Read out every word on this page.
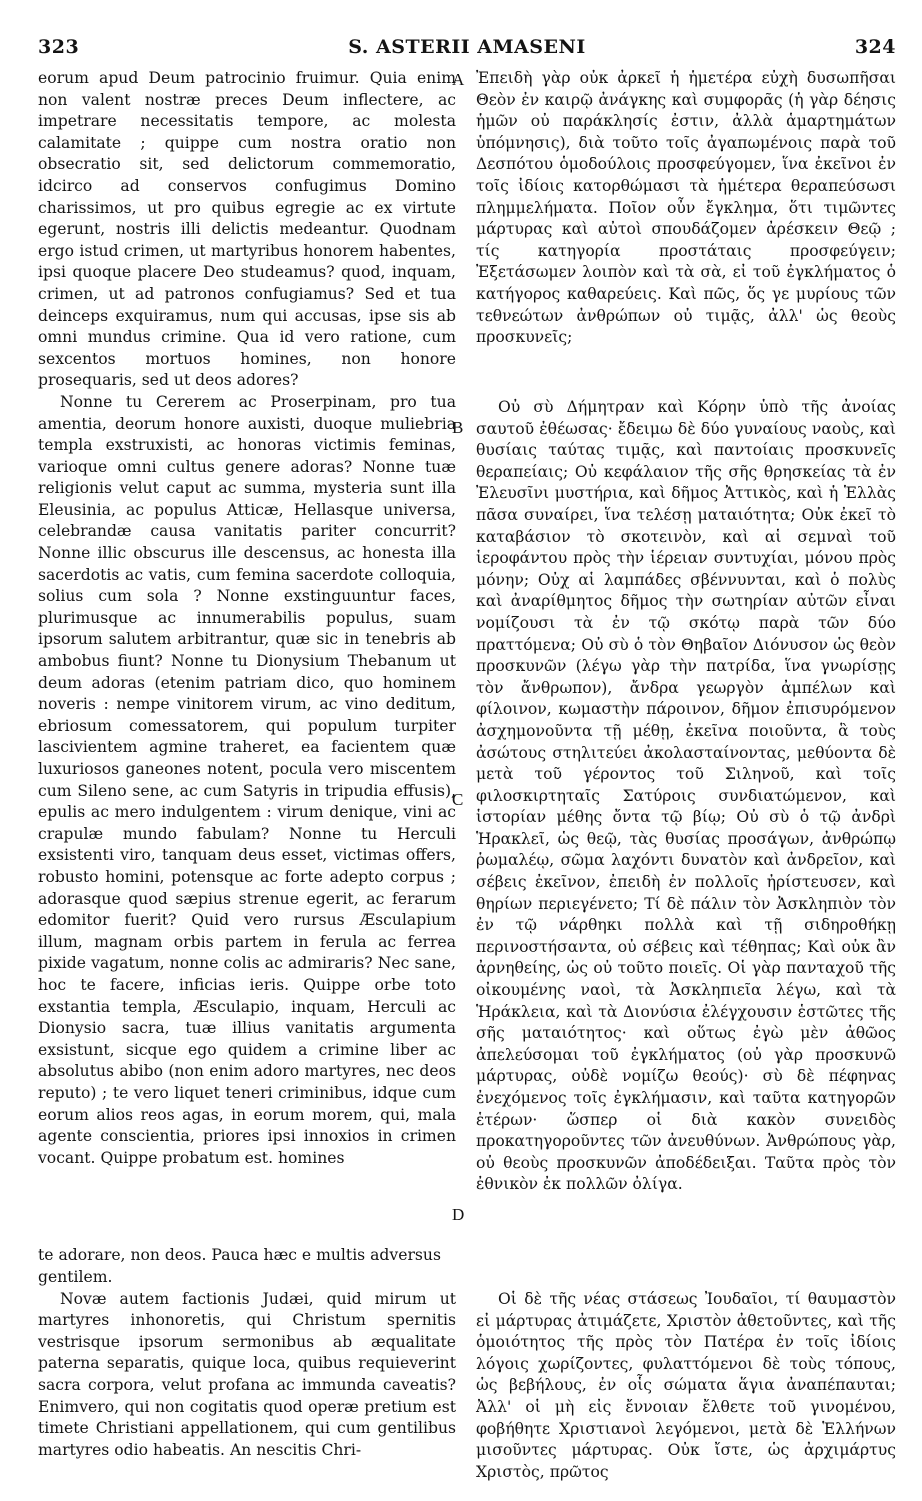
323	S. ASTERII AMASENI	324
A
B
C
D

eorum apud Deum patrocinio fruimur. Quia enim non valent nostræ preces Deum inflectere, ac impetrare necessitatis tempore, ac molesta calamitate ; quippe cum nostra oratio non obsecratio sit, sed delictorum commemoratio, idcirco ad conservos confugimus Domino charissimos, ut pro quibus egregie ac ex virtute egerunt, nostris illi delictis medeantur. Quodnam ergo istud crimen, ut martyribus honorem habentes, ipsi quoque placere Deo studeamus? quod, inquam, crimen, ut ad patronos confugiamus? Sed et tua deinceps exquiramus, num qui accusas, ipse sis ab omni mundus crimine. Qua id vero ratione, cum sexcentos mortuos homines, non honore prosequaris, sed ut deos adores?

Nonne tu Cererem ac Proserpinam, pro tua amentia, deorum honore auxisti, duoque muliebria templa exstruxisti, ac honoras victimis feminas, varioque omni cultus genere adoras? Nonne tuæ religionis velut caput ac summa, mysteria sunt illa Eleusinia, ac populus Atticæ, Hellasque universa, celebrandæ causa vanitatis pariter concurrit? Nonne illic obscurus ille descensus, ac honesta illa sacerdotis ac vatis, cum femina sacerdote colloquia, solius cum sola ? Nonne exstinguuntur faces, plurimusque ac innumerabilis populus, suam ipsorum salutem arbitrantur, quæ sic in tenebris ab ambobus fiunt? Nonne tu Dionysium Thebanum ut deum adoras (etenim patriam dico, quo hominem noveris : nempe vinitorem virum, ac vino deditum, ebriosum comessatorem, qui populum turpiter lascivientem agmine traheret, ea facientem quæ luxuriosos ganeones notent, pocula vero miscentem cum Sileno sene, ac cum Satyris in tripudia effusis), epulis ac mero indulgentem : virum denique, vini ac crapulæ mundo fabulam? Nonne tu Herculi exsistenti viro, tanquam deus esset, victimas offers, robusto homini, potensque ac forte adepto corpus ; adorasque quod sæpius strenue egerit, ac ferarum edomitor fuerit? Quid vero rursus Æsculapium illum, magnam orbis partem in ferula ac ferrea pixide vagatum, nonne colis ac admiraris? Nec sane, hoc te facere, inficias ieris. Quippe orbe toto exstantia templa, Æsculapio, inquam, Herculi ac Dionysio sacra, tuæ illius vanitatis argumenta exsistunt, sicque ego quidem a crimine liber ac absolutus abibo (non enim adoro martyres, nec deos reputo) ; te vero liquet teneri criminibus, idque cum eorum alios reos agas, in eorum morem, qui, mala agente conscientia, priores ipsi innoxios in crimen vocant. Quippe probatum est. homines

te adorare, non deos. Pauca hæc e multis adversus

gentilem.

Novæ autem factionis Judæi, quid mirum ut martyres inhonoretis, qui Christum spernitis vestrisque ipsorum sermonibus ab æqualitate paterna separatis, quique loca, quibus requieverint sacra corpora, velut profana ac immunda caveatis? Enimvero, qui non cogitatis quod operæ pretium est timete Christiani appellationem, qui cum gentilibus martyres odio habeatis. An nescitis Chri-

Ἐπειδὴ γὰρ οὐκ ἀρκεῖ ἡ ἡμετέρα εὐχὴ δυσωπῆσαι Θεὸν ἐν καιρῷ ἀνάγκης καὶ συμφορᾶς (ἡ γὰρ δέησις ἡμῶν οὐ παράκλησίς ἐστιν, ἀλλὰ ἁμαρτημάτων ὑπόμνησις), διὰ τοῦτο τοῖς ἀγαπωμένοις παρὰ τοῦ Δεσπότου ὁμοδούλοις προσφεύγομεν, ἵνα ἐκεῖνοι ἐν τοῖς ἰδίοις κατορθώμασι τὰ ἡμέτερα θεραπεύσωσι πλημμελήματα. Ποῖον οὖν ἔγκλημα, ὅτι τιμῶντες μάρτυρας καὶ αὐτοὶ σπουδάζομεν ἀρέσκειν Θεῷ ; τίς κατηγορία προστάταις προσφεύγειν; Ἐξετάσωμεν λοιπὸν καὶ τὰ σὰ, εἰ τοῦ ἐγκλήματος ὁ κατήγορος καθαρεύεις. Καὶ πῶς, ὅς γε μυρίους τῶν τεθνεώτων ἀνθρώπων οὐ τιμᾷς, ἀλλ' ὡς θεοὺς προσκυνεῖς;

Οὐ σὺ Δήμητραν καὶ Κόρην ὑπὸ τῆς ἀνοίας σαυτοῦ ἐθέωσας· ἔδειμω δὲ δύο γυναίους ναοὺς, καὶ θυσίαις ταύτας τιμᾷς, καὶ παντοίαις προσκυνεῖς θεραπείαις; Οὐ κεφάλαιον τῆς σῆς θρησκείας τὰ ἐν Ἐλευσῖνι μυστήρια, καὶ δῆμος Ἀττικὸς, καὶ ἡ Ἑλλὰς πᾶσα συναίρει, ἵνα τελέσῃ ματαιότητα; Οὐκ ἐκεῖ τὸ καταβάσιον τὸ σκοτεινὸν, καὶ αἱ σεμναὶ τοῦ ἱεροφάντου πρὸς τὴν ἱέρειαν συντυχίαι, μόνου πρὸς μόνην; Οὐχ αἱ λαμπάδες σβέννυνται, καὶ ὁ πολὺς καὶ ἀναρίθμητος δῆμος τὴν σωτηρίαν αὐτῶν εἶναι νομίζουσι τὰ ἐν τῷ σκότῳ παρὰ τῶν δύο πραττόμενα; Οὐ σὺ ὁ τὸν Θηβαῖον Διόνυσον ὡς θεὸν προσκυνῶν (λέγω γὰρ τὴν πατρίδα, ἵνα γνωρίσῃς τὸν ἄνθρωπον), ἄνδρα γεωργὸν ἀμπέλων καὶ φίλοινον, κωμαστὴν πάροινον, δῆμον ἐπισυρόμενον ἀσχημονοῦντα τῇ μέθῃ, ἐκεῖνα ποιοῦντα, ἃ τοὺς ἀσώτους στηλιτεύει ἀκολασταίνοντας, μεθύοντα δὲ μετὰ τοῦ γέροντος τοῦ Σιληνοῦ, καὶ τοῖς φιλοσκιρτηταῖς Σατύροις συνδιατώμενον, καὶ ἱστορίαν μέθης ὄντα τῷ βίῳ; Οὐ σὺ ὁ τῷ ἀνδρὶ Ἡρακλεῖ, ὡς θεῷ, τὰς θυσίας προσάγων, ἀνθρώπῳ ῥωμαλέῳ, σῶμα λαχόντι δυνατὸν καὶ ἀνδρεῖον, καὶ σέβεις ἐκεῖνον, ἐπειδὴ ἐν πολλοῖς ἠρίστευσεν, καὶ θηρίων περιεγένετο; Τί δὲ πάλιν τὸν Ἀσκληπιὸν τὸν ἐν τῷ νάρθηκι πολλὰ καὶ τῇ σιδηροθήκῃ περινοστήσαντα, οὐ σέβεις καὶ τέθηπας; Καὶ οὐκ ἂν ἀρνηθείης, ὡς οὐ τοῦτο ποιεῖς. Οἱ γὰρ πανταχοῦ τῆς οἰκουμένης ναοὶ, τὰ Ἀσκληπιεῖα λέγω, καὶ τὰ Ἡράκλεια, καὶ τὰ Διονύσια ἐλέγχουσιν ἑστῶτες τῆς σῆς ματαιότητος· καὶ οὕτως ἐγὼ μὲν ἀθῶος ἀπελεύσομαι τοῦ ἐγκλήματος (οὐ γὰρ προσκυνῶ μάρτυρας, οὐδὲ νομίζω θεούς)· σὺ δὲ πέφηνας ἐνεχόμενος τοῖς ἐγκλήμασιν, καὶ ταῦτα κατηγορῶν ἑτέρων· ὥσπερ οἱ διὰ κακὸν συνειδὸς προκατηγοροῦντες τῶν ἀνευθύνων. Ἀνθρώπους γὰρ, οὐ θεοὺς προσκυνῶν ἀποδέδειξαι. Ταῦτα πρὸς τὸν ἐθνικὸν ἐκ πολλῶν ὀλίγα.

Οἱ δὲ τῆς νέας στάσεως Ἰουδαῖοι, τί θαυμαστὸν εἰ μάρτυρας ἀτιμάζετε, Χριστὸν ἀθετοῦντες, καὶ τῆς ὁμοιότητος τῆς πρὸς τὸν Πατέρα ἐν τοῖς ἰδίοις λόγοις χωρίζοντες, φυλαττόμενοι δὲ τοὺς τόπους, ὡς βεβήλους, ἐν οἷς σώματα ἅγια ἀναπέπαυται; Ἀλλ' οἱ μὴ εἰς ἔννοιαν ἔλθετε τοῦ γινομένου, φοβήθητε Χριστιανοὶ λεγόμενοι, μετὰ δὲ Ἑλλήνων μισοῦντες μάρτυρας. Οὐκ ἴστε, ὡς ἀρχιμάρτυς Χριστὸς, πρῶτος
